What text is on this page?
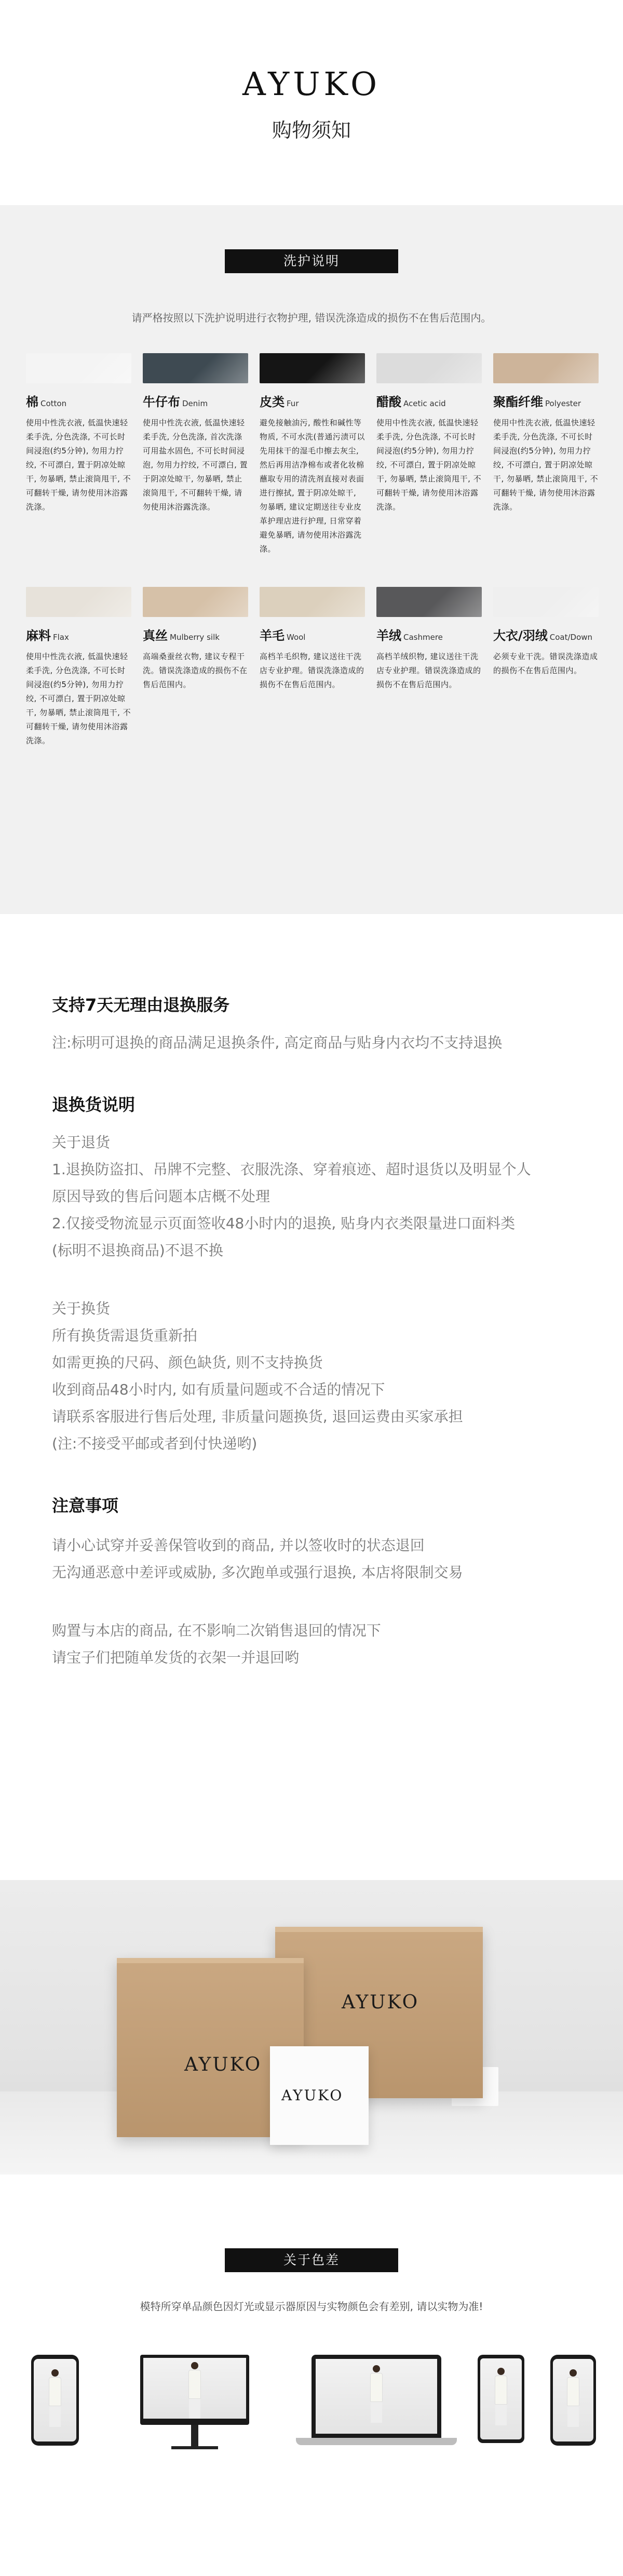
AYUKO
购物须知
洗护说明
请严格按照以下洗护说明进行衣物护理, 错误洗涤造成的损伤不在售后范围内。
棉 Cotton
使用中性洗衣液, 低温快速轻柔手洗, 分色洗涤, 不可长时间浸泡(约5分钟), 勿用力拧绞, 不可漂白, 置于阴凉处晾干, 勿暴晒, 禁止滚筒甩干, 不可翻转干燥, 请勿使用沐浴露洗涤。
牛仔布 Denim
使用中性洗衣液, 低温快速轻柔手洗, 分色洗涤, 首次洗涤可用盐水固色, 不可长时间浸泡, 勿用力拧绞, 不可漂白, 置于阴凉处晾干, 勿暴晒, 禁止滚筒甩干, 不可翻转干燥, 请勿使用沐浴露洗涤。
皮类 Fur
避免接触油污, 酸性和碱性等物质, 不可水洗(普通污渍可以先用抹干的湿毛巾擦去灰尘, 然后再用洁净棉布或者化妆棉蘸取专用的清洗剂直接对表面进行擦拭, 置于阴凉处晾干, 勿暴晒, 建议定期送往专业皮革护理店进行护理, 日常穿着避免暴晒, 请勿使用沐浴露洗涤。
醋酸 Acetic acid
使用中性洗衣液, 低温快速轻柔手洗, 分色洗涤, 不可长时间浸泡(约5分钟), 勿用力拧绞, 不可漂白, 置于阴凉处晾干, 勿暴晒, 禁止滚筒甩干, 不可翻转干燥, 请勿使用沐浴露洗涤。
聚酯纤维 Polyester
使用中性洗衣液, 低温快速轻柔手洗, 分色洗涤, 不可长时间浸泡(约5分钟), 勿用力拧绞, 不可漂白, 置于阴凉处晾干, 勿暴晒, 禁止滚筒甩干, 不可翻转干燥, 请勿使用沐浴露洗涤。
麻料 Flax
使用中性洗衣液, 低温快速轻柔手洗, 分色洗涤, 不可长时间浸泡(约5分钟), 勿用力拧绞, 不可漂白, 置于阴凉处晾干, 勿暴晒, 禁止滚筒甩干, 不可翻转干燥, 请勿使用沐浴露洗涤。
真丝 Mulberry silk
高端桑蚕丝衣物, 建议专程干洗。错误洗涤造成的损伤不在售后范围内。
羊毛 Wool
高档羊毛织物, 建议送往干洗店专业护理。错误洗涤造成的损伤不在售后范围内。
羊绒 Cashmere
高档羊绒织物, 建议送往干洗店专业护理。错误洗涤造成的损伤不在售后范围内。
大衣/羽绒 Coat/Down
必须专业干洗。错误洗涤造成的损伤不在售后范围内。
支持7天无理由退换服务
注:标明可退换的商品满足退换条件, 高定商品与贴身内衣均不支持退换
退换货说明
关于退货
1.退换防盗扣、吊牌不完整、衣服洗涤、穿着痕迹、超时退货以及明显个人
原因导致的售后问题本店概不处理
2.仅接受物流显示页面签收48小时内的退换, 贴身内衣类限量进口面料类
(标明不退换商品)不退不换
关于换货
所有换货需退货重新拍
如需更换的尺码、颜色缺货, 则不支持换货
收到商品48小时内, 如有质量问题或不合适的情况下
请联系客服进行售后处理, 非质量问题换货, 退回运费由买家承担
(注:不接受平邮或者到付快递哟)
注意事项
请小心试穿并妥善保管收到的商品, 并以签收时的状态退回
无沟通恶意中差评或威胁, 多次跑单或强行退换, 本店将限制交易
购置与本店的商品, 在不影响二次销售退回的情况下
请宝子们把随单发货的衣架一并退回哟
AYUKO
AYUKO
AYUKO
关于色差
模特所穿单品颜色因灯光或显示器原因与实物颜色会有差别, 请以实物为准!
